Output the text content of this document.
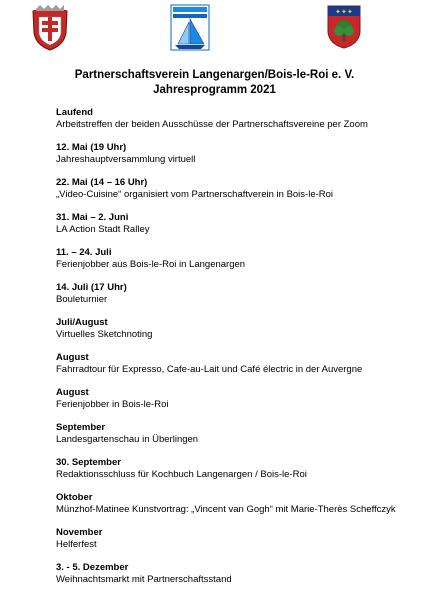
✦ ✦ ✦
Partnerschaftsverein Langenargen/Bois-le-Roi e. V.
Jahresprogramm 2021
Laufend
Arbeitstreffen der beiden Ausschüsse der Partnerschaftsvereine per Zoom
12. Mai (19 Uhr)
Jahreshauptversammlung virtuell
22. Mai (14 – 16 Uhr)
„Video-Cuisine“ organisiert vom Partnerschaftverein in Bois-le-Roi
31. Mai – 2. Juni
LA Action Stadt Ralley
11. – 24. Juli
Ferienjobber aus Bois-le-Roi in Langenargen
14. Juli (17 Uhr)
Bouleturnier
Juli/August
Virtuelles Sketchnoting
August
Fahrradtour für Expresso, Cafe-au-Lait und Café électric in der Auvergne
August
Ferienjobber in Bois-le-Roi
September
Landesgartenschau in Überlingen
30. September
Redaktionsschluss für Kochbuch Langenargen / Bois-le-Roi
Oktober
Münzhof-Matinee Kunstvortrag: „Vincent van Gogh“ mit Marie-Therès Scheffczyk
November
Helferfest
3. - 5. Dezember
Weihnachtsmarkt mit Partnerschaftsstand
